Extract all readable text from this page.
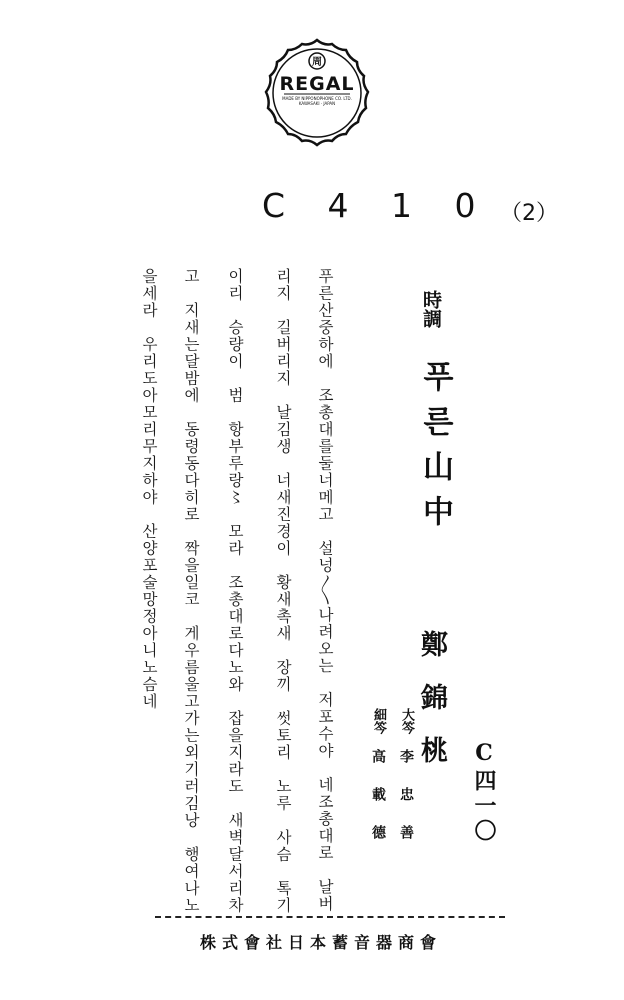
周
REGAL
MADE BY NIPPONOPHONE CO. LTD.
KAWASAKI · JAPAN
C 4 1 0 （2）
時調
푸른山中
鄭錦桃
大笒 李 忠 善
細笒 高 載 德	C四一〇
푸른산중하에　조총대를둘너메고　설넝〳〵나려오는　저포수야　네조총대로　날버
리지　길버리지　날김생　너새진경이　황새촉새　장끼　썻토리　노루　사슴　톡기
이리　승량이　범　항부루랑〻　모라　조총대로다노와　잡을지라도　새벽달서리차
고　지새는달밤에　동령동다히로　짝을일코　게우름울고가는외기러김낭　행여나노
을세라　우리도아모리무지하야　산양포술망정아니노슴네
株式會社日本蓄音器商會
